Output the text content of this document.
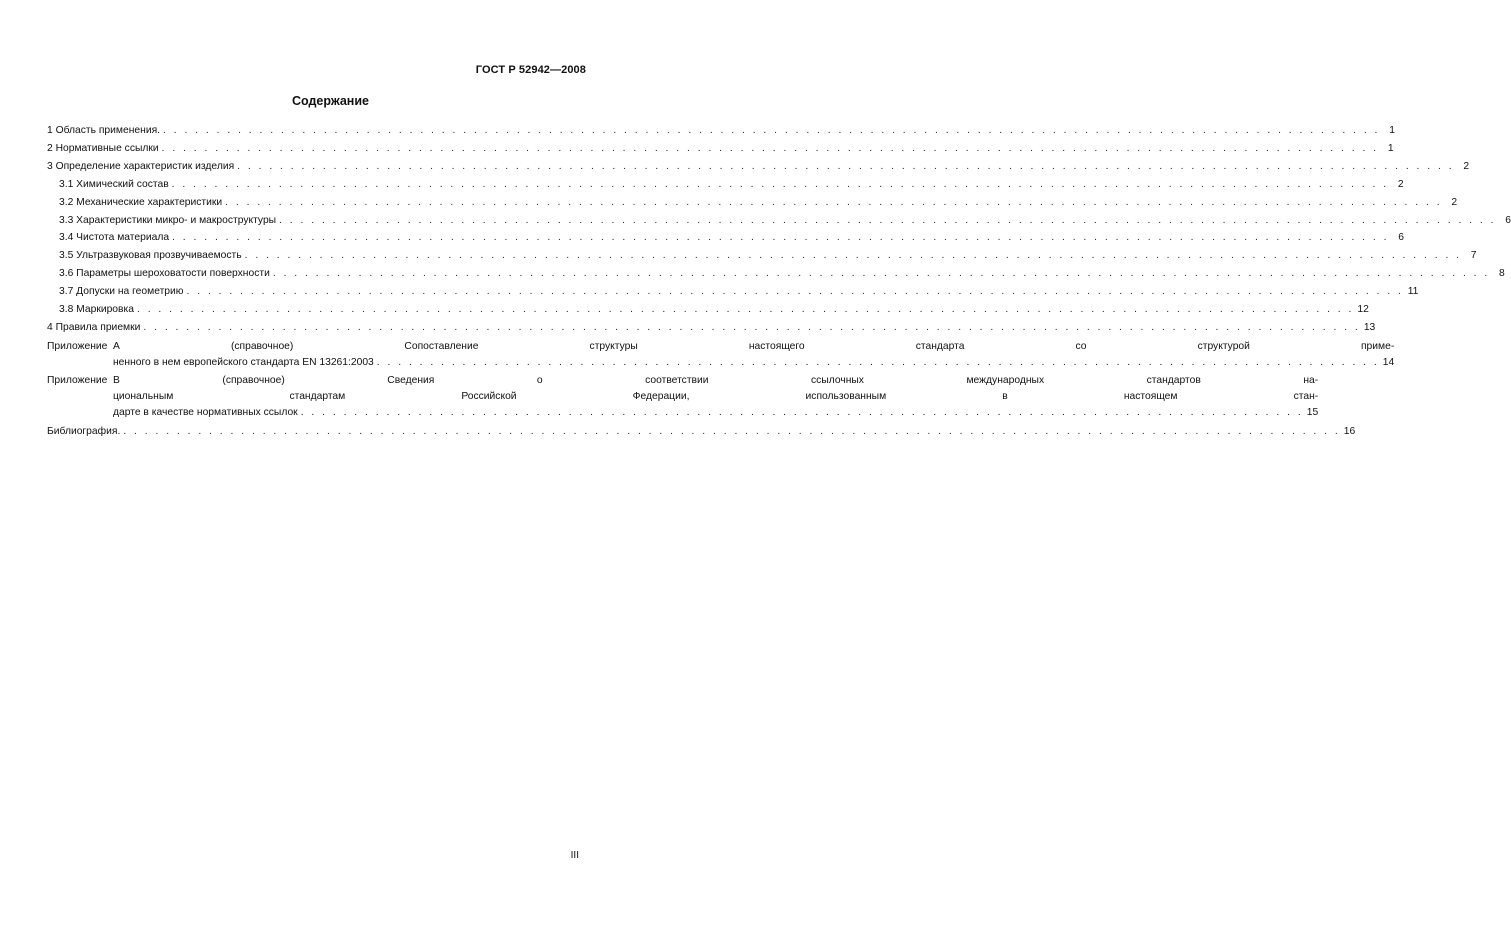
ГОСТ Р 52942—2008
Содержание
1 Область применения. . . .	1
2 Нормативные ссылки . . .	1
3 Определение характеристик изделия . . .	2
3.1 Химический состав . . .	2
3.2 Механические характеристики . . .	2
3.3 Характеристики микро- и макроструктуры . . .	6
3.4 Чистота материала . . .	6
3.5 Ультразвуковая прозвучиваемость . . .	7
3.6 Параметры шероховатости поверхности . . .	8
3.7 Допуски на геометрию . . .	11
3.8 Маркировка . . .	12
4 Правила приемки . . .	13
Приложение А (справочное) Сопоставление структуры настоящего стандарта со структурой приме-
ненного в нем европейского стандарта EN 13261:2003 . . .	14
Приложение В (справочное) Сведения о соответствии ссылочных международных стандартов на-
циональным стандартам Российской Федерации, использованным в настоящем стан-
дарте в качестве нормативных ссылок . . .	15
Библиография. . . .	16
III
